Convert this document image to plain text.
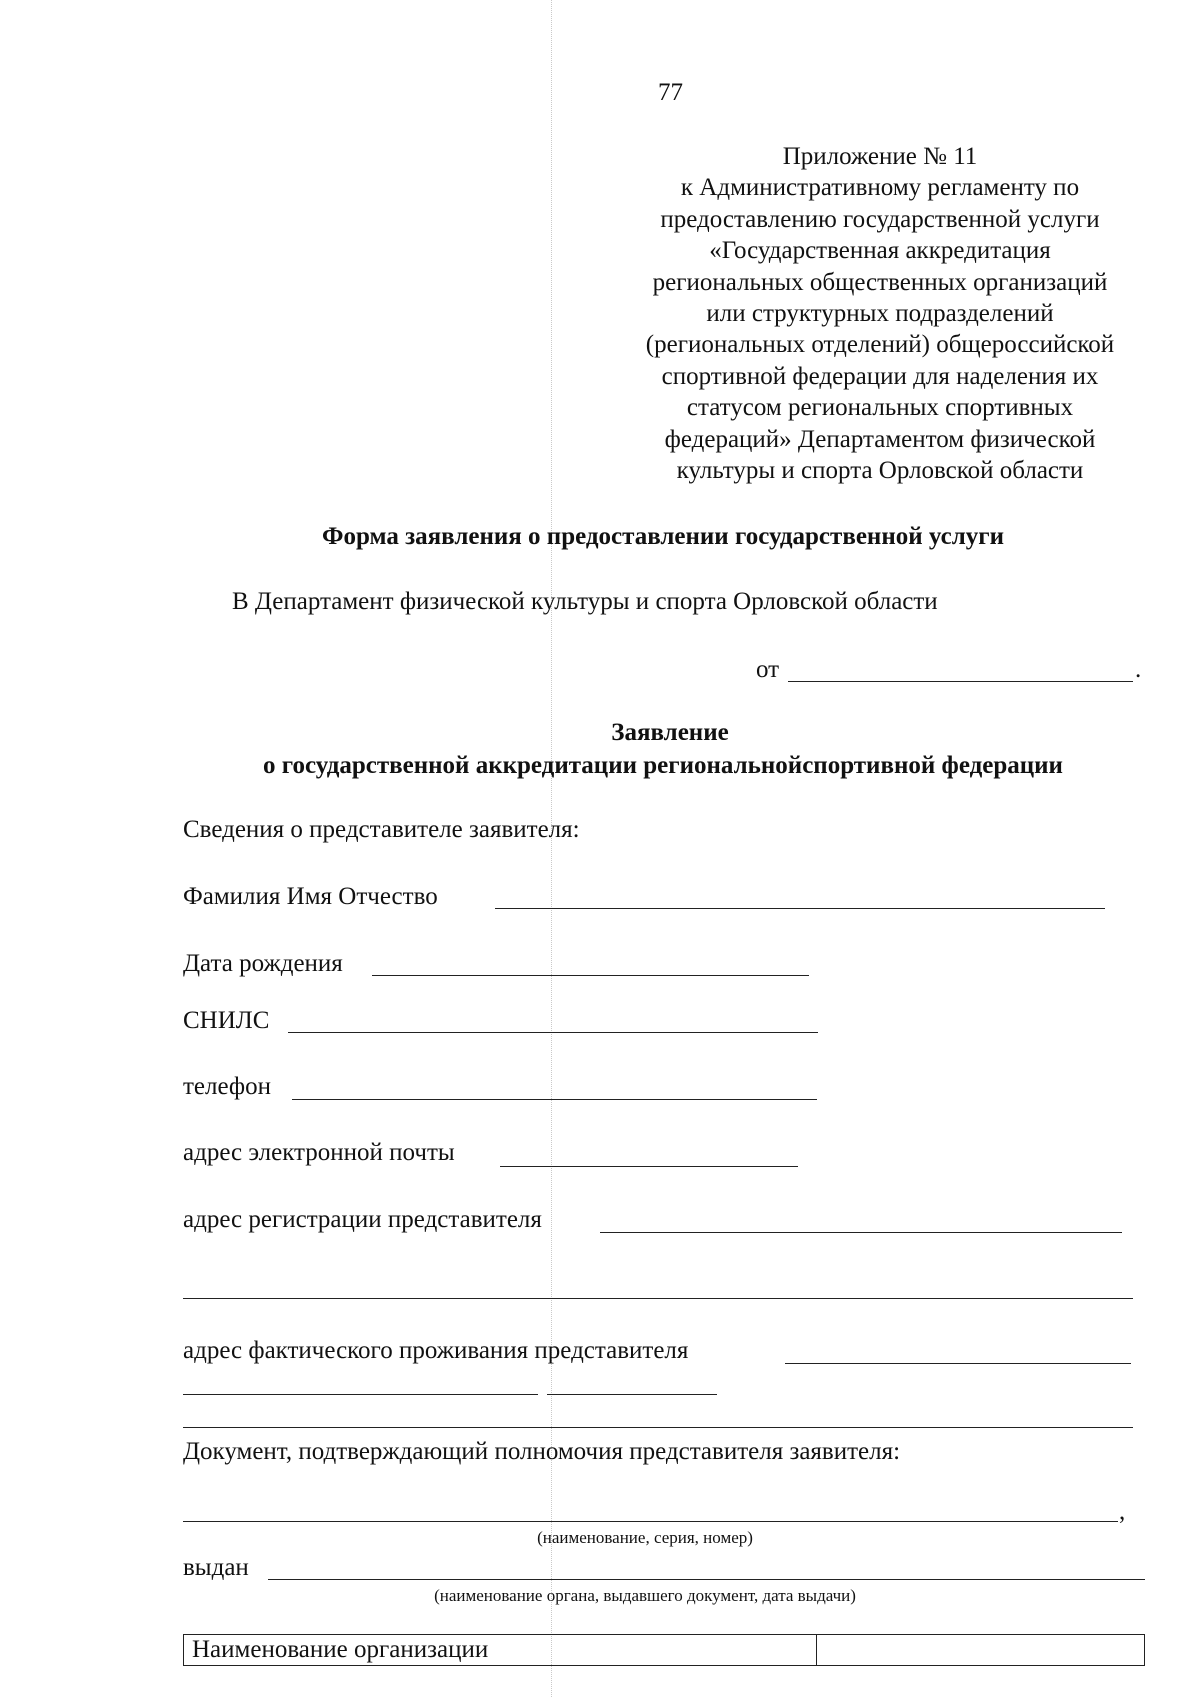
77
Приложение № 11
к Административному регламенту по
предоставлению государственной услуги
«Государственная аккредитация
региональных общественных организаций
или структурных подразделений
(региональных отделений) общероссийской
спортивной федерации для наделения их
статусом региональных спортивных
федераций» Департаментом физической
культуры и спорта Орловской области
Форма заявления о предоставлении государственной услуги
В Департамент физической культуры и спорта Орловской области
от	.
Заявление
о государственной аккредитации региональнойспортивной федерации
Сведения о представителе заявителя:
Фамилия Имя Отчество
Дата рождения
СНИЛС
телефон
адрес электронной почты
адрес регистрации представителя
адрес фактического проживания представителя
Документ, подтверждающий полномочия представителя заявителя:
,
(наименование, серия, номер)
выдан
(наименование органа, выдавшего документ, дата выдачи)
Наименование организации	
